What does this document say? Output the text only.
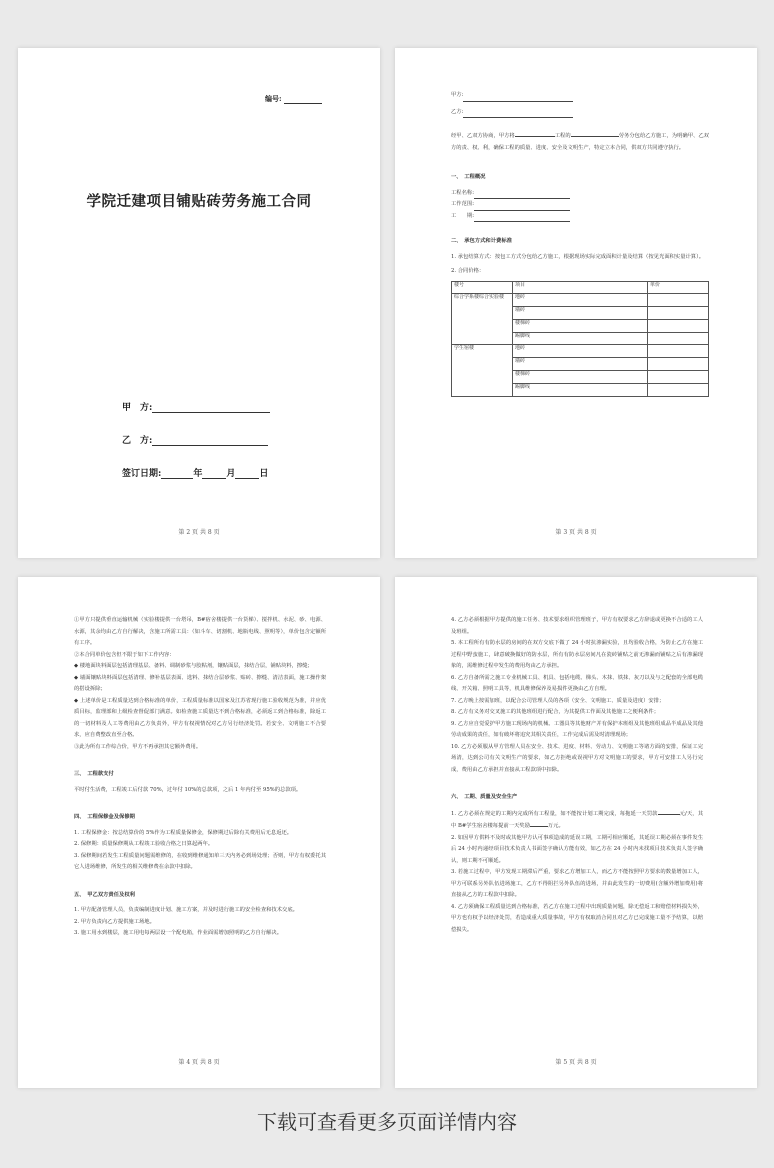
编号:
学院迁建项目铺贴砖劳务施工合同
甲　方:
乙　方:
签订日期:	年	月	日
第 2 页 共 8 页
甲方:
乙方:

经甲、乙双方协商，甲方将	工程的	劳务分包给乙方施工，为明确甲、乙双方的责、权、利，确保工程的质量、进度、安全及文明生产，特定立本合同，供双方共同遵守执行。

一、　工程概况
工程名称:
工作范围:
工　　期:
二、　承包方式和计费标准

1. 承包结算方式：按包工方式分包给乙方施工，根据现场实际完成面积计量及结算（按见光面积实量计算）。

2. 合同价格：

楼号	项目	单价
综合学系楼综合实验楼	地砖	
	墙砖	
	楼梯砖	
	踢脚线	
学生宿楼	地砖	
	墙砖	
	楼梯砖	
	踢脚线	
第 3 页 共 8 页

①甲方只提供垂直运输机械（实验楼提供一台塔吊，B#宿舍楼提供一台货梯）、搅拌机、水泥、砂、电源、水源，其余均由乙方自行解决，含施工所需工具：（如斗车、切割机、地瓶电线、照明等），单价包含定额所有工序。

②本合同单价包含但不限于如下工作内容：

◆ 楼地面块料面层包括清理基层、备料、调制砂浆与胶粘剂，镶贴面层，抹结合层，铺贴块料，擦缝；

◆ 墙面镶贴块料面层包括清理、修补基层表面、选料、抹结合层砂浆、贴砖、擦缝、清洁表面，施工操作架的搭设拆除；

◆ 上述单价是工程质量达到合格标准的单价，工程质量标准以国家及江苏省现行施工验收规范为准，并应优质目标，监理部和上级检查督促部门满意。如检查施工质量达不到合格标准，必须返工到合格标准，除返工的一切材料及人工等费用由乙方负责外，甲方有权视情况对乙方另行经济处罚。若安全、文明施工不合要求，应自费整改直至合格。

③此为所有工作综合价，甲方不再承担其它额外费用。

三、　工程款支付

平时付生活费，工程竣工后付款 70%，过年付 10%的总款项，之后 1 年内付至 95%的总款项。

四、　工程保修金及保修期

1. 工程保修金：按总结算价的 5%作为工程质量保修金，保修期过后除有关费用后无息返还。

2. 保修期：质量保修期从工程竣工验收合格之日算起两年。

3. 保修期间若发生工程质量问题需维修的，在收到维修通知单三天内务必到场处理；否则，甲方有权委托其它人进场维修，所发生的相关维修费在余款中扣除。

五、　甲乙双方责任及权利

1. 甲方配备管理人员，负责编制进度计划、施工方案，并及时进行施工的安全检查和技术交底。

2. 甲方负责向乙方提供施工场地。

3. 施工用水到楼层，施工用电每两层设一个配电箱，作业面需增加照明的乙方自行解决。

第 4 页 共 8 页

4. 乙方必须根据甲方提供的施工任务、技术要求组织管理班子，甲方有权要求乙方辞退或更换不合适的工人及班组。

5. 本工程所有有防水层的房间的在双方交底下做了 24 小时抗渗漏实验，且均验收合格，为防止乙方在施工过程中野蛮施工，肆意破换做好的防水层，所有有防水层房间凡在瓷砖铺贴之前无渗漏而铺贴之后有渗漏现象的，需维修过程中发生的费用均由乙方承担。

6. 乙方自备所需之施工专业机械工具、机具、包括电缆、梯头、木抹、铁抹、灰刀以及与之配套的全部电缆线、开关箱、照明工具等，机具维修保养及易损件更换由乙方自理。

7. 乙方晚上按需加班，以配合公司管理人员的各项（安全、文明施工、质量及进度）安排；

8. 乙方有义务对交叉施工的其他班组进行配合，为其提供工作面及其他施工之便利条件；

9. 乙方应自觉爱护甲方施工现场内的机械、工器具等其他财产并有保护本班组及其他班组成品半成品及其他劳动成果的责任，如有破坏将追究其相关责任，工作完成后需及时清理现场；

10. 乙方必须服从甲方管理人员在安全、技术、进度、材料、劳动力、文明施工等诸方面的安排，保证工完场清，达到公司有关文明生产的要求，如乙方拒绝或误视甲方对文明施工的要求，甲方可安排工人另行完成，费用由乙方承担并直接从工程款项中扣除。

六、　工期、质量及安全生产

1. 乙方必须在规定的工期内完成所有工程量，如不能按计划工期完成，每拖延一天罚款	元/天，其中 B#学生宿舍楼每提前一天奖励	万元。

2. 如因甲方供料不及时或其他甲方认可事项造成的延误工期，工期可相应顺延，其延误工期必须在事件发生后 24 小时内递经项目技术负责人书面签字确认方能有效，如乙方在 24 小时内未找项目技术负责人签字确认，则工期不可顺延。

3. 若施工过程中，甲方发现工期滞后严重，要求乙方增加工人，而乙方不能按照甲方要求的数量增加工人，甲方可联系另外队伍进场施工，乙方不得阻拦另外队伍的进场，并由此发生的一切费用(含额外增加费用)将直接从乙方的工程款中扣除。

4. 乙方须确保工程质量达到合格标准，若乙方在施工过程中出现质量问题，除无偿返工和赔偿材料损失外，甲方也有权予以经济处罚，若造成重大质量事故，甲方有权取消合同且对乙方已完成施工量不予结算，以赔偿损失。

第 5 页 共 8 页
下载可查看更多页面详情内容
